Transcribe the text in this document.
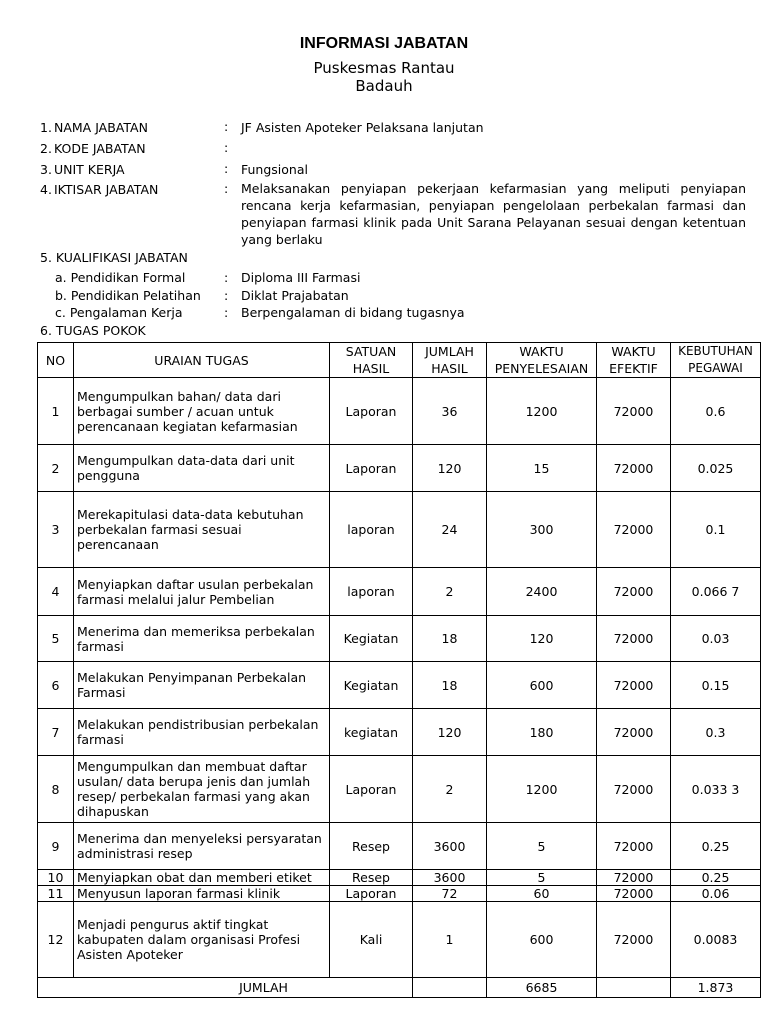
INFORMASI JABATAN
Puskesmas Rantau
Badauh
1. NAMA JABATAN	: JF Asisten Apoteker Pelaksana lanjutan
2. KODE JABATAN	:
3. UNIT KERJA	: Fungsional
4. IKTISAR JABATAN	: Melaksanakan penyiapan pekerjaan kefarmasian yang meliputi penyiapan rencana kerja kefarmasian, penyiapan pengelolaan perbekalan farmasi dan penyiapan farmasi klinik pada Unit Sarana Pelayanan sesuai dengan ketentuan yang berlaku
5. KUALIFIKASI JABATAN
a. Pendidikan Formal	: Diploma III Farmasi
b. Pendidikan Pelatihan : Diklat Prajabatan
c. Pengalaman Kerja	: Berpengalaman di bidang tugasnya
6. TUGAS POKOK
NO	URAIAN TUGAS	SATUAN HASIL	JUMLAH HASIL	WAKTU PENYELESAIAN	WAKTU EFEKTIF	KEBUTUHAN PEGAWAI
1	Mengumpulkan bahan/ data dari berbagai sumber / acuan untuk perencanaan kegiatan kefarmasian	Laporan	36	1200	72000	0.6
2	Mengumpulkan data-data dari unit pengguna	Laporan	120	15	72000	0.025
3	Merekapitulasi data-data kebutuhan perbekalan farmasi sesuai perencanaan	laporan	24	300	72000	0.1
4	Menyiapkan daftar usulan perbekalan farmasi melalui jalur Pembelian	laporan	2	2400	72000	0.066 7
5	Menerima dan memeriksa perbekalan farmasi	Kegiatan	18	120	72000	0.03
6	Melakukan Penyimpanan Perbekalan Farmasi	Kegiatan	18	600	72000	0.15
7	Melakukan pendistribusian perbekalan farmasi	kegiatan	120	180	72000	0.3
8	Mengumpulkan dan membuat daftar usulan/ data berupa jenis dan jumlah resep/ perbekalan farmasi yang akan dihapuskan	Laporan	2	1200	72000	0.033 3
9	Menerima dan menyeleksi persyaratan administrasi resep	Resep	3600	5	72000	0.25
10	Menyiapkan obat dan memberi etiket	Resep	3600	5	72000	0.25
11	Menyusun laporan farmasi klinik	Laporan	72	60	72000	0.06
12	Menjadi pengurus aktif tingkat kabupaten dalam organisasi Profesi Asisten Apoteker	Kali	1	600	72000	0.0083
JUMLAH				6685		1.873
